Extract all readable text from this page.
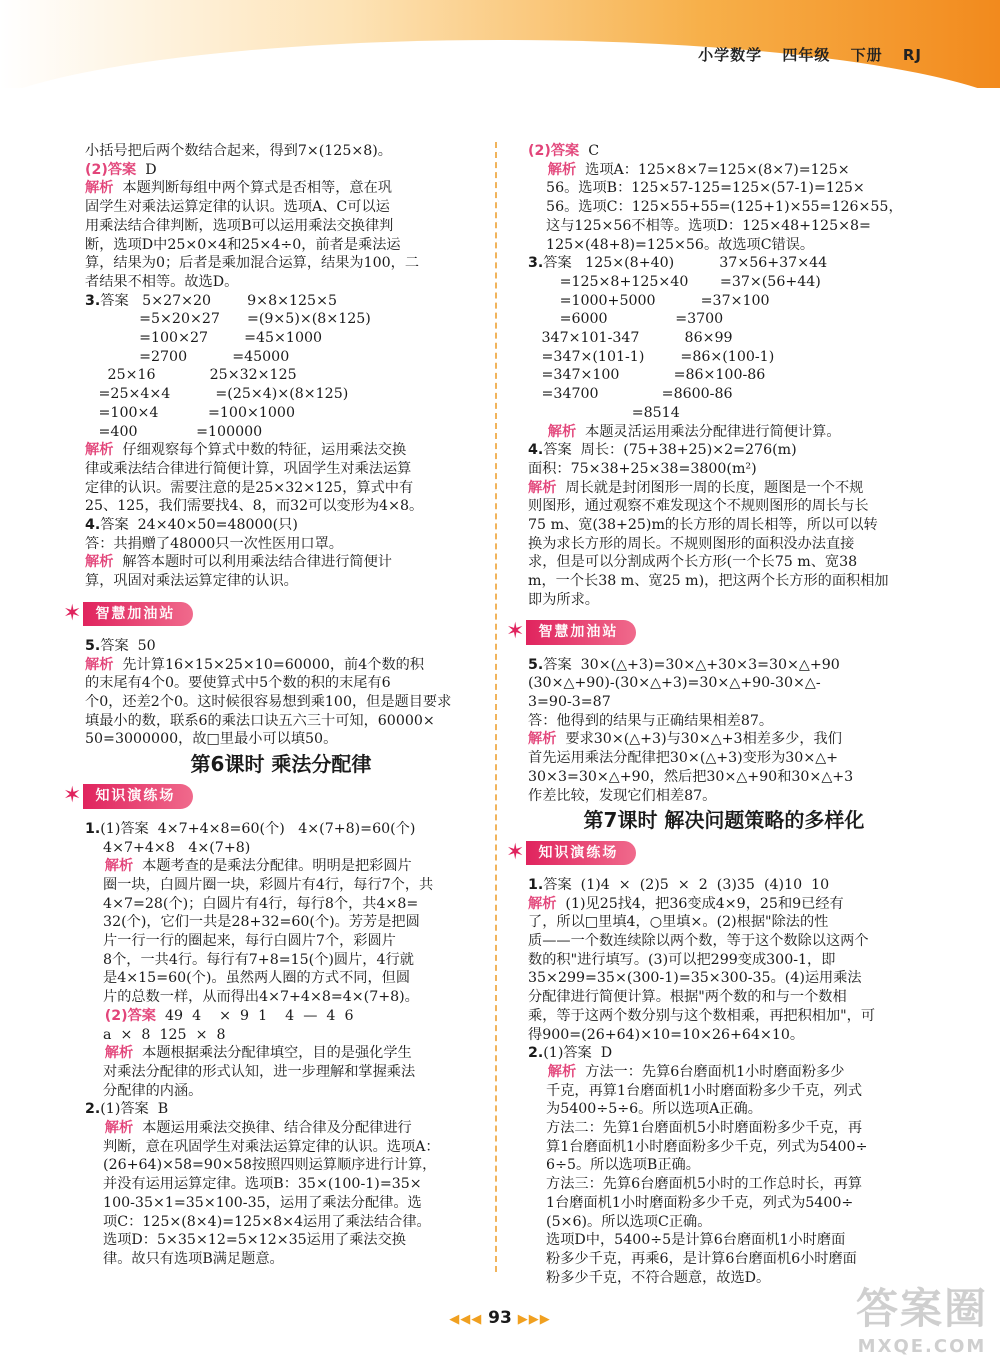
小学数学 四年级 下册 RJ
小括号把后两个数结合起来，得到7×(125×8)。
(2)答案  D
解析  本题判断每组中两个算式是否相等，意在巩
固学生对乘法运算定律的认识。选项A、C可以运
用乘法结合律判断，选项B可以运用乘法交换律判
断，选项D中25×0×4和25×4÷0，前者是乘法运
算，结果为0；后者是乘加混合运算，结果为100，二
者结果不相等。故选D。
3.答案   5×27×20        9×8×125×5
=5×20×27      =(9×5)×(8×125)
=100×27        =45×1000
=2700          =45000
25×16            25×32×125
=25×4×4          =(25×4)×(8×125)
=100×4           =100×1000
=400             =100000
解析  仔细观察每个算式中数的特征，运用乘法交换
律或乘法结合律进行简便计算，巩固学生对乘法运算
定律的认识。需要注意的是25×32×125，算式中有
25、125，我们需要找4、8，而32可以变形为4×8。
4.答案  24×40×50=48000(只)
答：共捐赠了48000只一次性医用口罩。
解析  解答本题时可以利用乘法结合律进行简便计
算，巩固对乘法运算定律的认识。
✶	智慧加油站
5.答案  50
解析  先计算16×15×25×10=60000，前4个数的积
的末尾有4个0。要使算式中5个数的积的末尾有6
个0，还差2个0。这时候很容易想到乘100，但是题目要求
填最小的数，联系6的乘法口诀五六三十可知，60000×
50=3000000，故□里最小可以填50。
第6课时 乘法分配律
✶	知识演练场
1.(1)答案  4×7+4×8=60(个)   4×(7+8)=60(个)
4×7+4×8   4×(7+8)
解析  本题考查的是乘法分配律。明明是把彩圆片
圈一块，白圆片圈一块，彩圆片有4行，每行7个，共
4×7=28(个)；白圆片有4行，每行8个，共4×8=
32(个)，它们一共是28+32=60(个)。芳芳是把圆
片一行一行的圈起来，每行白圆片7个，彩圆片
8个，一共4行。每行有7+8=15(个)圆片，4行就
是4×15=60(个)。虽然两人圈的方式不同，但圆
片的总数一样，从而得出4×7+4×8=4×(7+8)。
(2)答案  49  4    ×  9  1    4  —  4  6
a  ×  8  125  ×  8
解析  本题根据乘法分配律填空，目的是强化学生
对乘法分配律的形式认知，进一步理解和掌握乘法
分配律的内涵。
2.(1)答案  B
解析  本题运用乘法交换律、结合律及分配律进行
判断，意在巩固学生对乘法运算定律的认识。选项A：
(26+64)×58=90×58按照四则运算顺序进行计算，
并没有运用运算定律。选项B：35×(100-1)=35×
100-35×1=35×100-35，运用了乘法分配律。选
项C：125×(8×4)=125×8×4运用了乘法结合律。
选项D：5×35×12=5×12×35运用了乘法交换
律。故只有选项B满足题意。
(2)答案  C
解析  选项A：125×8×7=125×(8×7)=125×
56。选项B：125×57-125=125×(57-1)=125×
56。选项C：125×55+55=(125+1)×55=126×55，
这与125×56不相等。选项D：125×48+125×8=
125×(48+8)=125×56。故选项C错误。
3.答案   125×(8+40)          37×56+37×44
=125×8+125×40       =37×(56+44)
=1000+5000          =37×100
=6000               =3700
347×101-347          86×99
=347×(101-1)        =86×(100-1)
=347×100            =86×100-86
=34700              =8600-86
=8514
解析  本题灵活运用乘法分配律进行简便计算。
4.答案  周长：(75+38+25)×2=276(m)
面积：75×38+25×38=3800(m²)
解析  周长就是封闭图形一周的长度，题图是一个不规
则图形，通过观察不难发现这个不规则图形的周长与长
75 m、宽(38+25)m的长方形的周长相等，所以可以转
换为求长方形的周长。不规则图形的面积没办法直接
求，但是可以分割成两个长方形(一个长75 m、宽38
m，一个长38 m、宽25 m)，把这两个长方形的面积相加
即为所求。
✶	智慧加油站
5.答案  30×(△+3)=30×△+30×3=30×△+90
(30×△+90)-(30×△+3)=30×△+90-30×△-
3=90-3=87
答：他得到的结果与正确结果相差87。
解析  要求30×(△+3)与30×△+3相差多少，我们
首先运用乘法分配律把30×(△+3)变形为30×△+
30×3=30×△+90，然后把30×△+90和30×△+3
作差比较，发现它们相差87。
第7课时 解决问题策略的多样化
✶	知识演练场
1.答案  (1)4  ×  (2)5  ×  2  (3)35  (4)10  10
解析  (1)见25找4，把36变成4×9，25和9已经有
了，所以□里填4，○里填×。(2)根据"除法的性
质——一个数连续除以两个数，等于这个数除以这两个
数的积"进行填写。(3)可以把299变成300-1，即
35×299=35×(300-1)=35×300-35。(4)运用乘法
分配律进行简便计算。根据"两个数的和与一个数相
乘，等于这两个数分别与这个数相乘，再把积相加"，可
得900=(26+64)×10=10×26+64×10。
2.(1)答案  D
解析  方法一：先算6台磨面机1小时磨面粉多少
千克，再算1台磨面机1小时磨面粉多少千克，列式
为5400÷5÷6。所以选项A正确。
方法二：先算1台磨面机5小时磨面粉多少千克，再
算1台磨面机1小时磨面粉多少千克，列式为5400÷
6÷5。所以选项B正确。
方法三：先算6台磨面机5小时的工作总时长，再算
1台磨面机1小时磨面粉多少千克，列式为5400÷
(5×6)。所以选项C正确。
选项D中，5400÷5是计算6台磨面机1小时磨面
粉多少千克，再乘6，是计算6台磨面机6小时磨面
粉多少千克，不符合题意，故选D。
◀◀◀ 93 ▶▶▶	答案圈
MXQE.COM
